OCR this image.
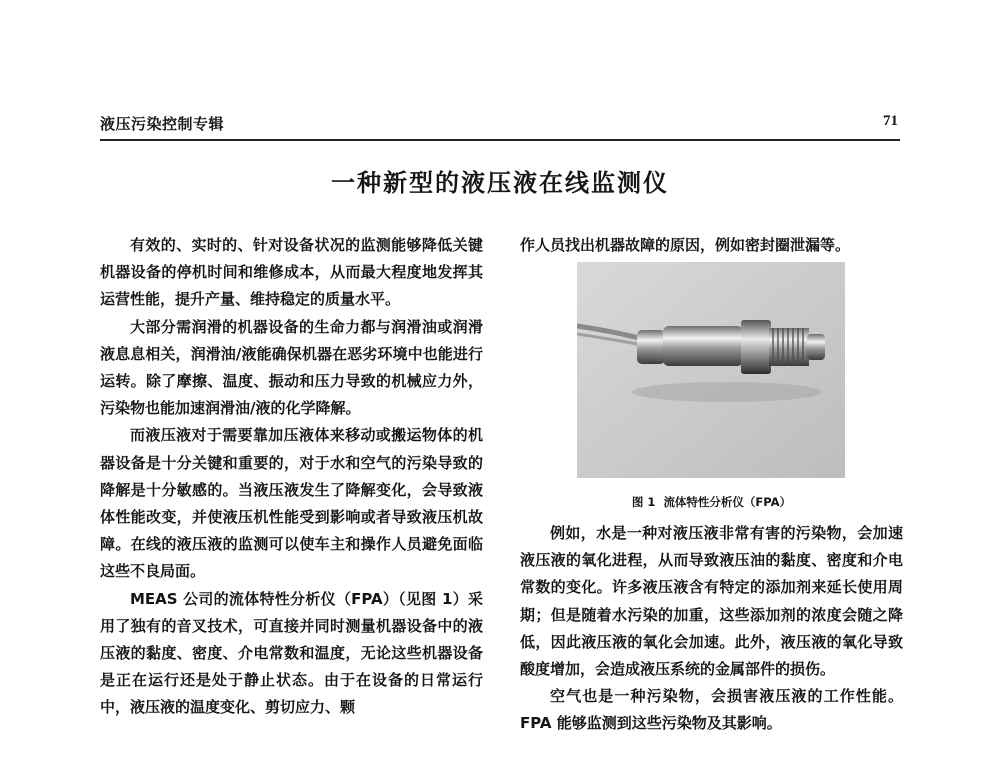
液压污染控制专辑	71
一种新型的液压液在线监测仪

有效的、实时的、针对设备状况的监测能够降低关键机器设备的停机时间和维修成本，从而最大程度地发挥其运营性能，提升产量、维持稳定的质量水平。

大部分需润滑的机器设备的生命力都与润滑油或润滑液息息相关，润滑油/液能确保机器在恶劣环境中也能进行运转。除了摩擦、温度、振动和压力导致的机械应力外，污染物也能加速润滑油/液的化学降解。

而液压液对于需要靠加压液体来移动或搬运物体的机器设备是十分关键和重要的，对于水和空气的污染导致的降解是十分敏感的。当液压液发生了降解变化，会导致液体性能改变，并使液压机性能受到影响或者导致液压机故障。在线的液压液的监测可以使车主和操作人员避免面临这些不良局面。

MEAS 公司的流体特性分析仪（FPA）（见图 1）采用了独有的音叉技术，可直接并同时测量机器设备中的液压液的黏度、密度、介电常数和温度，无论这些机器设备是正在运行还是处于静止状态。由于在设备的日常运行中，液压液的温度变化、剪切应力、颗

作人员找出机器故障的原因，例如密封圈泄漏等。

图 1 流体特性分析仪（FPA）

例如，水是一种对液压液非常有害的污染物，会加速液压液的氧化进程，从而导致液压油的黏度、密度和介电常数的变化。许多液压液含有特定的添加剂来延长使用周期；但是随着水污染的加重，这些添加剂的浓度会随之降低，因此液压液的氧化会加速。此外，液压液的氧化导致酸度增加，会造成液压系统的金属部件的损伤。

空气也是一种污染物，会损害液压液的工作性能。FPA 能够监测到这些污染物及其影响。
